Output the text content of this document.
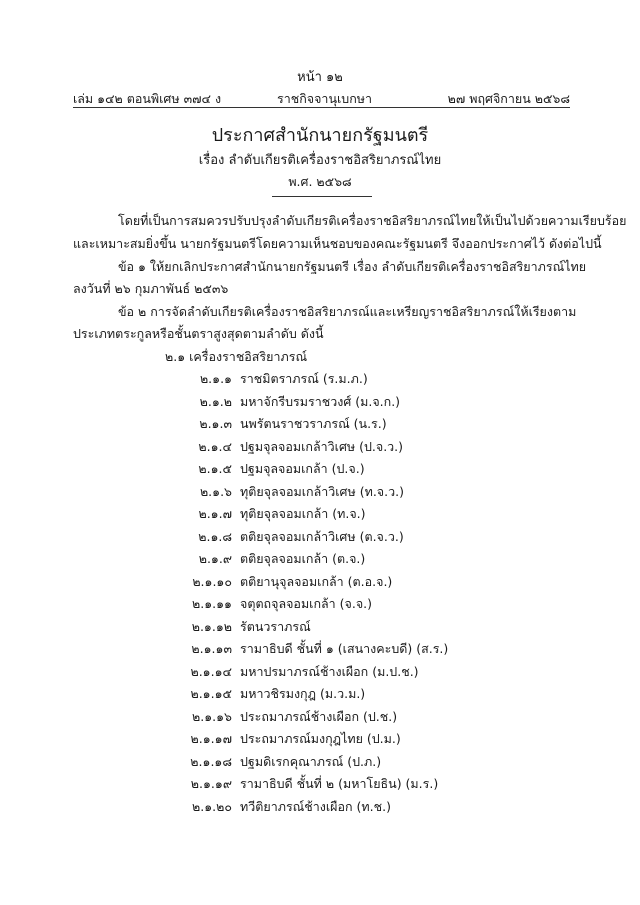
หน้า ๑๒
เล่ม ๑๔๒ ตอนพิเศษ ๓๗๔ ง	ราชกิจจานุเบกษา	๒๗ พฤศจิกายน ๒๕๖๘
ประกาศสำนักนายกรัฐมนตรี
เรื่อง ลำดับเกียรติเครื่องราชอิสริยาภรณ์ไทย
พ.ศ. ๒๕๖๘
โดยที่เป็นการสมควรปรับปรุงลำดับเกียรติเครื่องราชอิสริยาภรณ์ไทยให้เป็นไปด้วยความเรียบร้อย
และเหมาะสมยิ่งขึ้น นายกรัฐมนตรีโดยความเห็นชอบของคณะรัฐมนตรี จึงออกประกาศไว้ ดังต่อไปนี้
ข้อ ๑ ให้ยกเลิกประกาศสำนักนายกรัฐมนตรี เรื่อง ลำดับเกียรติเครื่องราชอิสริยาภรณ์ไทย
ลงวันที่ ๒๖ กุมภาพันธ์ ๒๕๓๖
ข้อ ๒ การจัดลำดับเกียรติเครื่องราชอิสริยาภรณ์และเหรียญราชอิสริยาภรณ์ให้เรียงตาม
ประเภทตระกูลหรือชั้นตราสูงสุดตามลำดับ ดังนี้
๒.๑ เครื่องราชอิสริยาภรณ์
๒.๑.๑ ราชมิตราภรณ์ (ร.ม.ภ.)
๒.๑.๒ มหาจักรีบรมราชวงศ์ (ม.จ.ก.)
๒.๑.๓ นพรัตนราชวราภรณ์ (น.ร.)
๒.๑.๔ ปฐมจุลจอมเกล้าวิเศษ (ป.จ.ว.)
๒.๑.๕ ปฐมจุลจอมเกล้า (ป.จ.)
๒.๑.๖ ทุติยจุลจอมเกล้าวิเศษ (ท.จ.ว.)
๒.๑.๗ ทุติยจุลจอมเกล้า (ท.จ.)
๒.๑.๘ ตติยจุลจอมเกล้าวิเศษ (ต.จ.ว.)
๒.๑.๙ ตติยจุลจอมเกล้า (ต.จ.)
๒.๑.๑๐ ตติยานุจุลจอมเกล้า (ต.อ.จ.)
๒.๑.๑๑ จตุตถจุลจอมเกล้า (จ.จ.)
๒.๑.๑๒ รัตนวราภรณ์
๒.๑.๑๓ รามาธิบดี ชั้นที่ ๑ (เสนางคะบดี) (ส.ร.)
๒.๑.๑๔ มหาปรมาภรณ์ช้างเผือก (ม.ป.ช.)
๒.๑.๑๕ มหาวชิรมงกุฎ (ม.ว.ม.)
๒.๑.๑๖ ประถมาภรณ์ช้างเผือก (ป.ช.)
๒.๑.๑๗ ประถมาภรณ์มงกุฎไทย (ป.ม.)
๒.๑.๑๘ ปฐมดิเรกคุณาภรณ์ (ป.ภ.)
๒.๑.๑๙ รามาธิบดี ชั้นที่ ๒ (มหาโยธิน) (ม.ร.)
๒.๑.๒๐ ทวีติยาภรณ์ช้างเผือก (ท.ช.)
